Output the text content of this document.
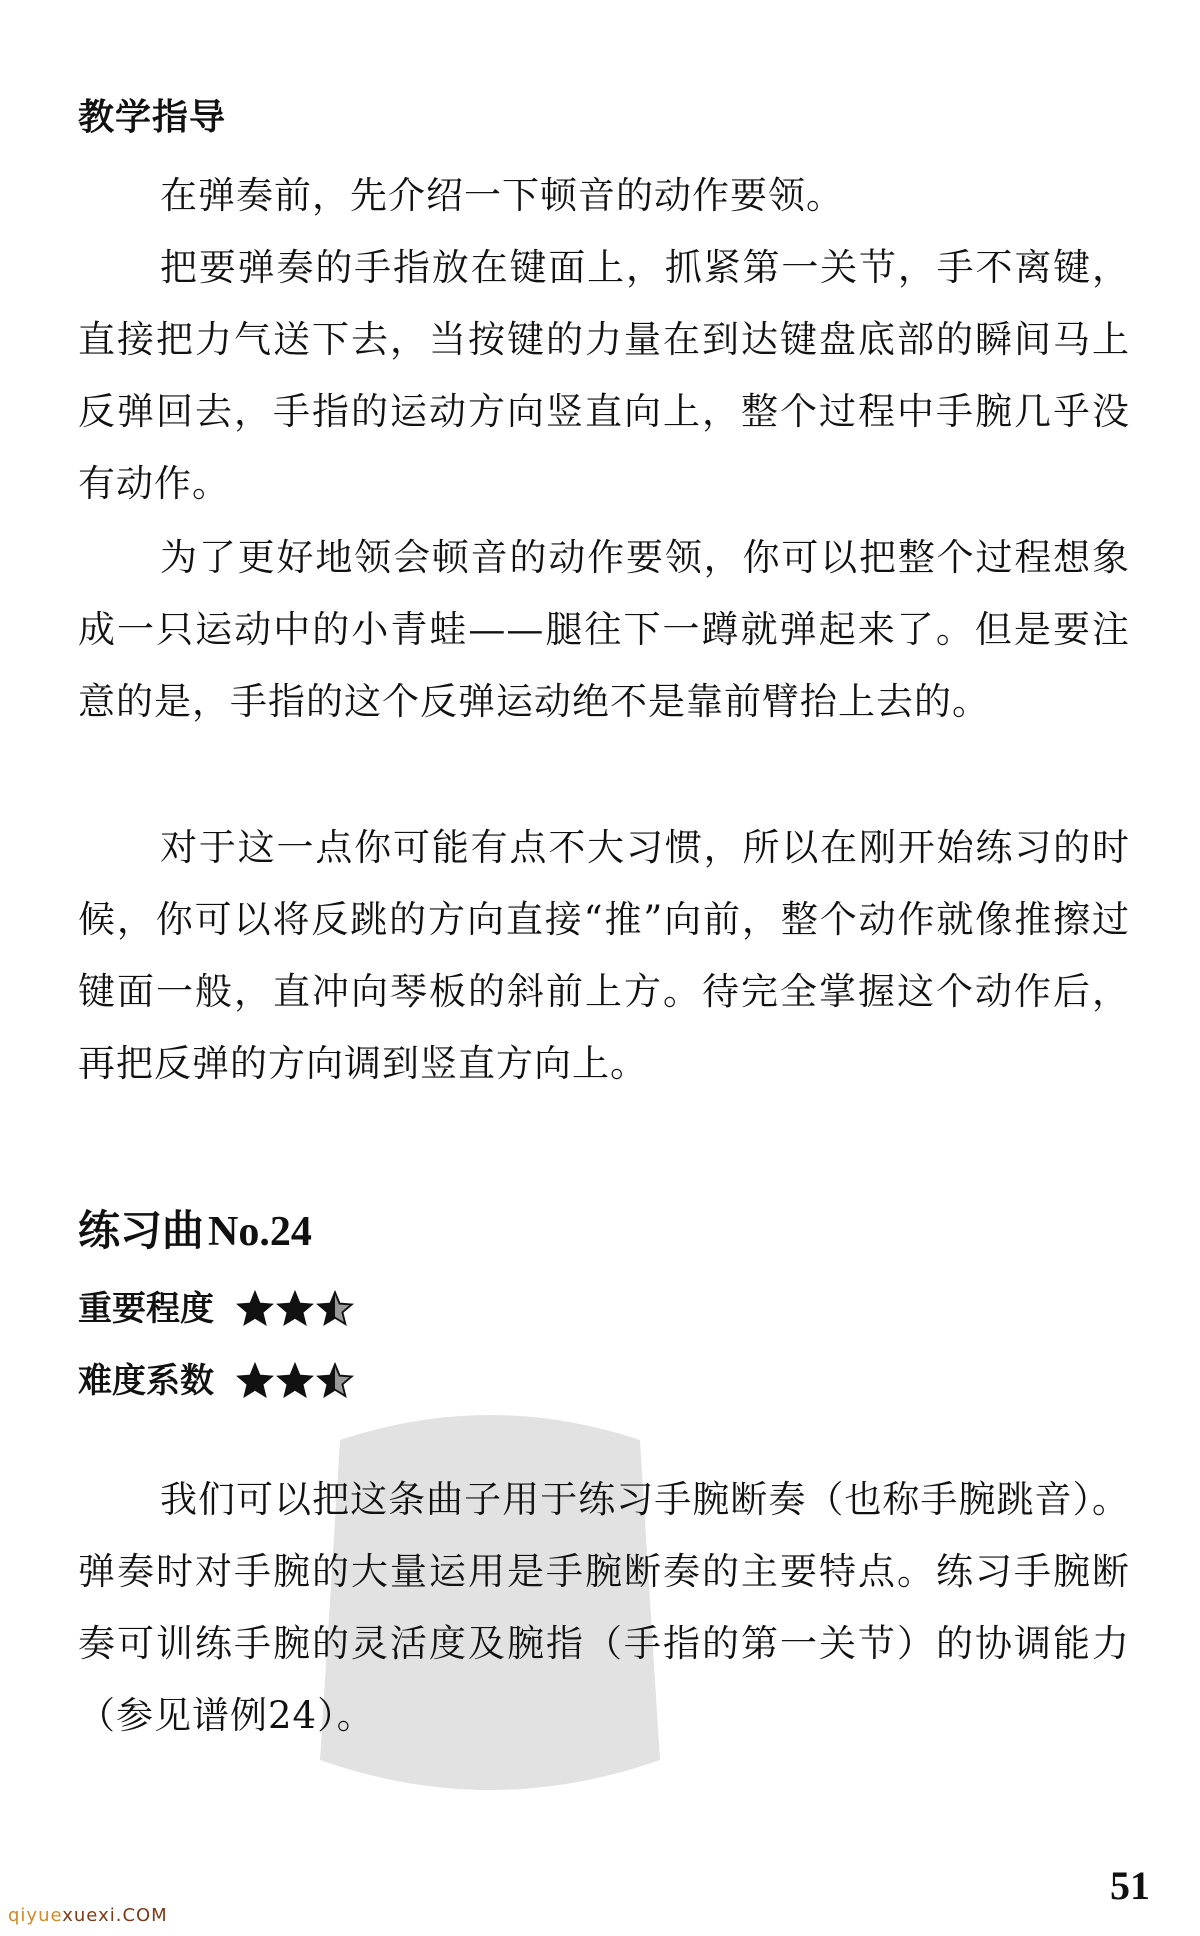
教学指导

在弹奏前，先介绍一下顿音的动作要领。

把要弹奏的手指放在键面上，抓紧第一关节，手不离键，直接把力气送下去，当按键的力量在到达键盘底部的瞬间马上反弹回去，手指的运动方向竖直向上，整个过程中手腕几乎没有动作。

为了更好地领会顿音的动作要领，你可以把整个过程想象成一只运动中的小青蛙——腿往下一蹲就弹起来了。但是要注意的是，手指的这个反弹运动绝不是靠前臂抬上去的。

对于这一点你可能有点不大习惯，所以在刚开始练习的时候，你可以将反跳的方向直接“推”向前，整个动作就像推擦过键面一般，直冲向琴板的斜前上方。待完全掌握这个动作后，再把反弹的方向调到竖直方向上。

练习曲No.24
重要程度
难度系数

我们可以把这条曲子用于练习手腕断奏（也称手腕跳音）。弹奏时对手腕的大量运用是手腕断奏的主要特点。练习手腕断奏可训练手腕的灵活度及腕指（手指的第一关节）的协调能力（参见谱例24）。

51
qiyuexuexi.COM
